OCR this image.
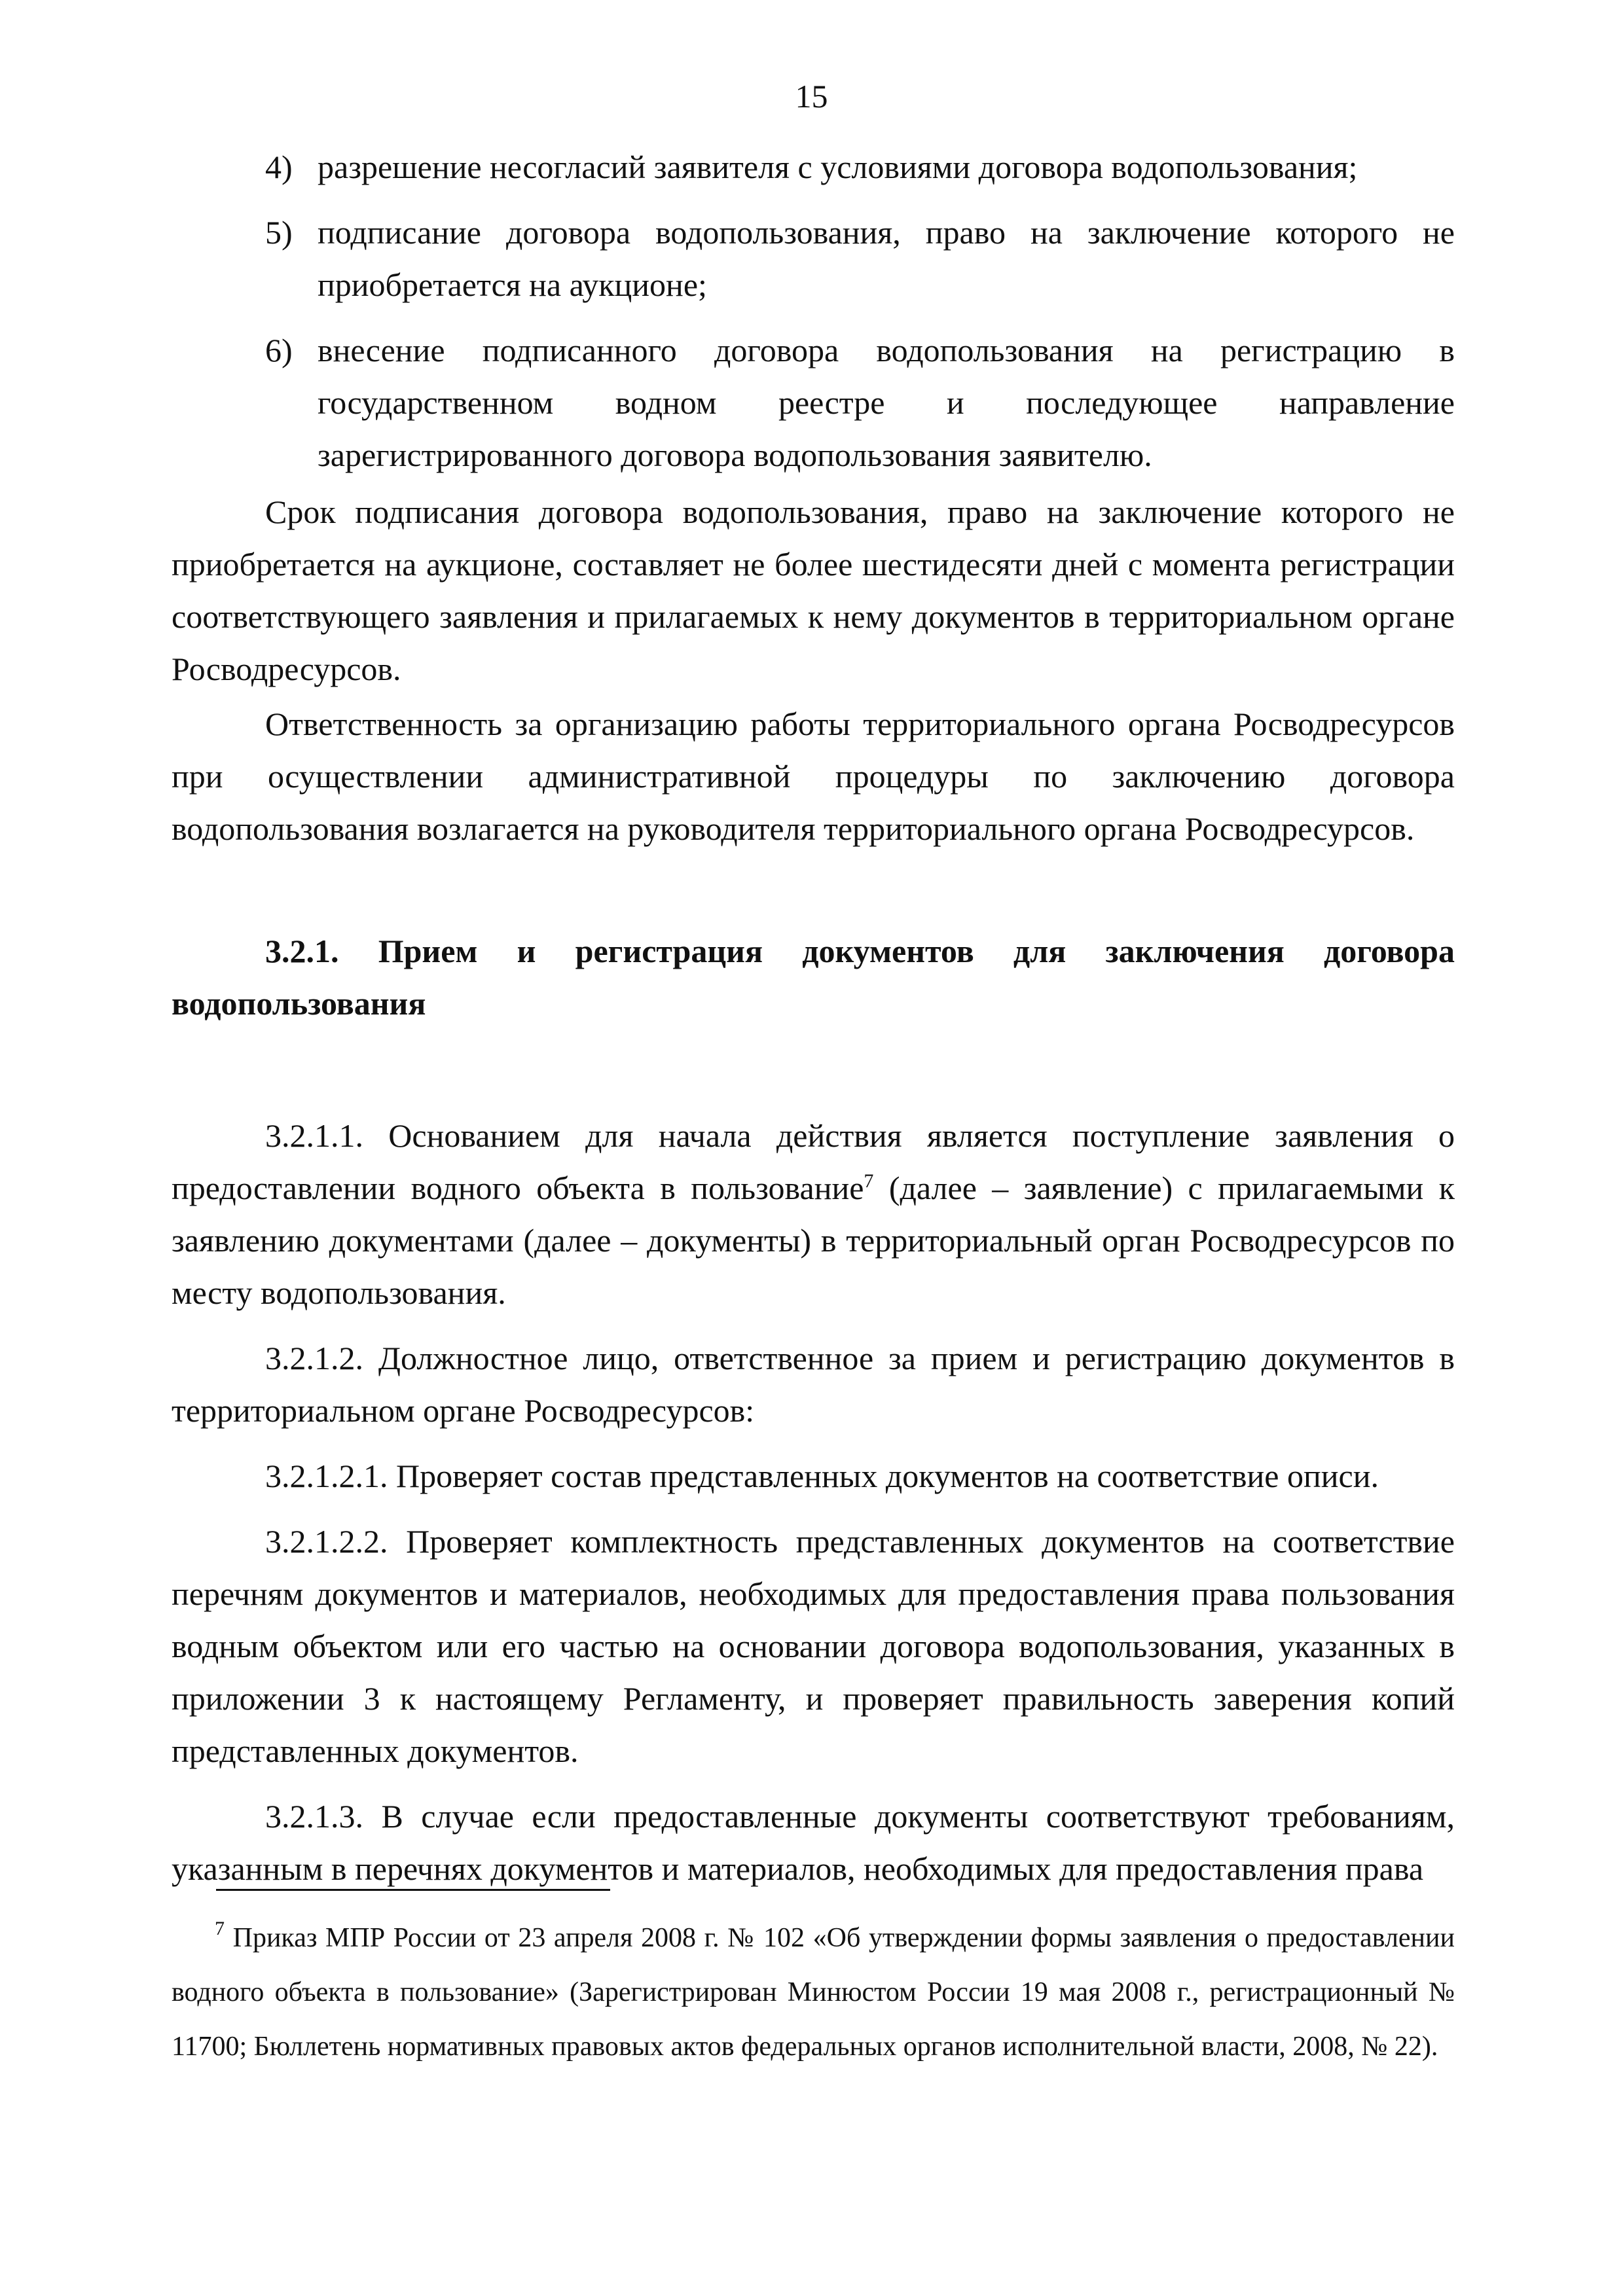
15
4) разрешение несогласий заявителя с условиями договора водопользования;
5) подписание договора водопользования, право на заключение которого не приобретается на аукционе;
6) внесение подписанного договора водопользования на регистрацию в государственном водном реестре и последующее направление зарегистрированного договора водопользования заявителю.

Срок подписания договора водопользования, право на заключение которого не приобретается на аукционе, составляет не более шестидесяти дней с момента регистрации соответствующего заявления и прилагаемых к нему документов в территориальном органе Росводресурсов.

Ответственность за организацию работы территориального органа Росводресурсов при осуществлении административной процедуры по заключению договора водопользования возлагается на руководителя территориального органа Росводресурсов.

3.2.1. Прием и регистрация документов для заключения договора водопользования

3.2.1.1. Основанием для начала действия является поступление заявления о предоставлении водного объекта в пользование$^7$ (далее – заявление) с прилагаемыми к заявлению документами (далее – документы) в территориальный орган Росводресурсов по месту водопользования.

3.2.1.2. Должностное лицо, ответственное за прием и регистрацию документов в территориальном органе Росводресурсов:

3.2.1.2.1. Проверяет состав представленных документов на соответствие описи.

3.2.1.2.2. Проверяет комплектность представленных документов на соответствие перечням документов и материалов, необходимых для предоставления права пользования водным объектом или его частью на основании договора водопользования, указанных в приложении 3 к настоящему Регламенту, и проверяет правильность заверения копий представленных документов.

3.2.1.3. В случае если предоставленные документы соответствуют требованиям, указанным в перечнях документов и материалов, необходимых для предоставления права

$^7$ Приказ МПР России от 23 апреля 2008 г. № 102 «Об утверждении формы заявления о предоставлении водного объекта в пользование» (Зарегистрирован Минюстом России 19 мая 2008 г., регистрационный № 11700; Бюллетень нормативных правовых актов федеральных органов исполнительной власти, 2008, № 22).
